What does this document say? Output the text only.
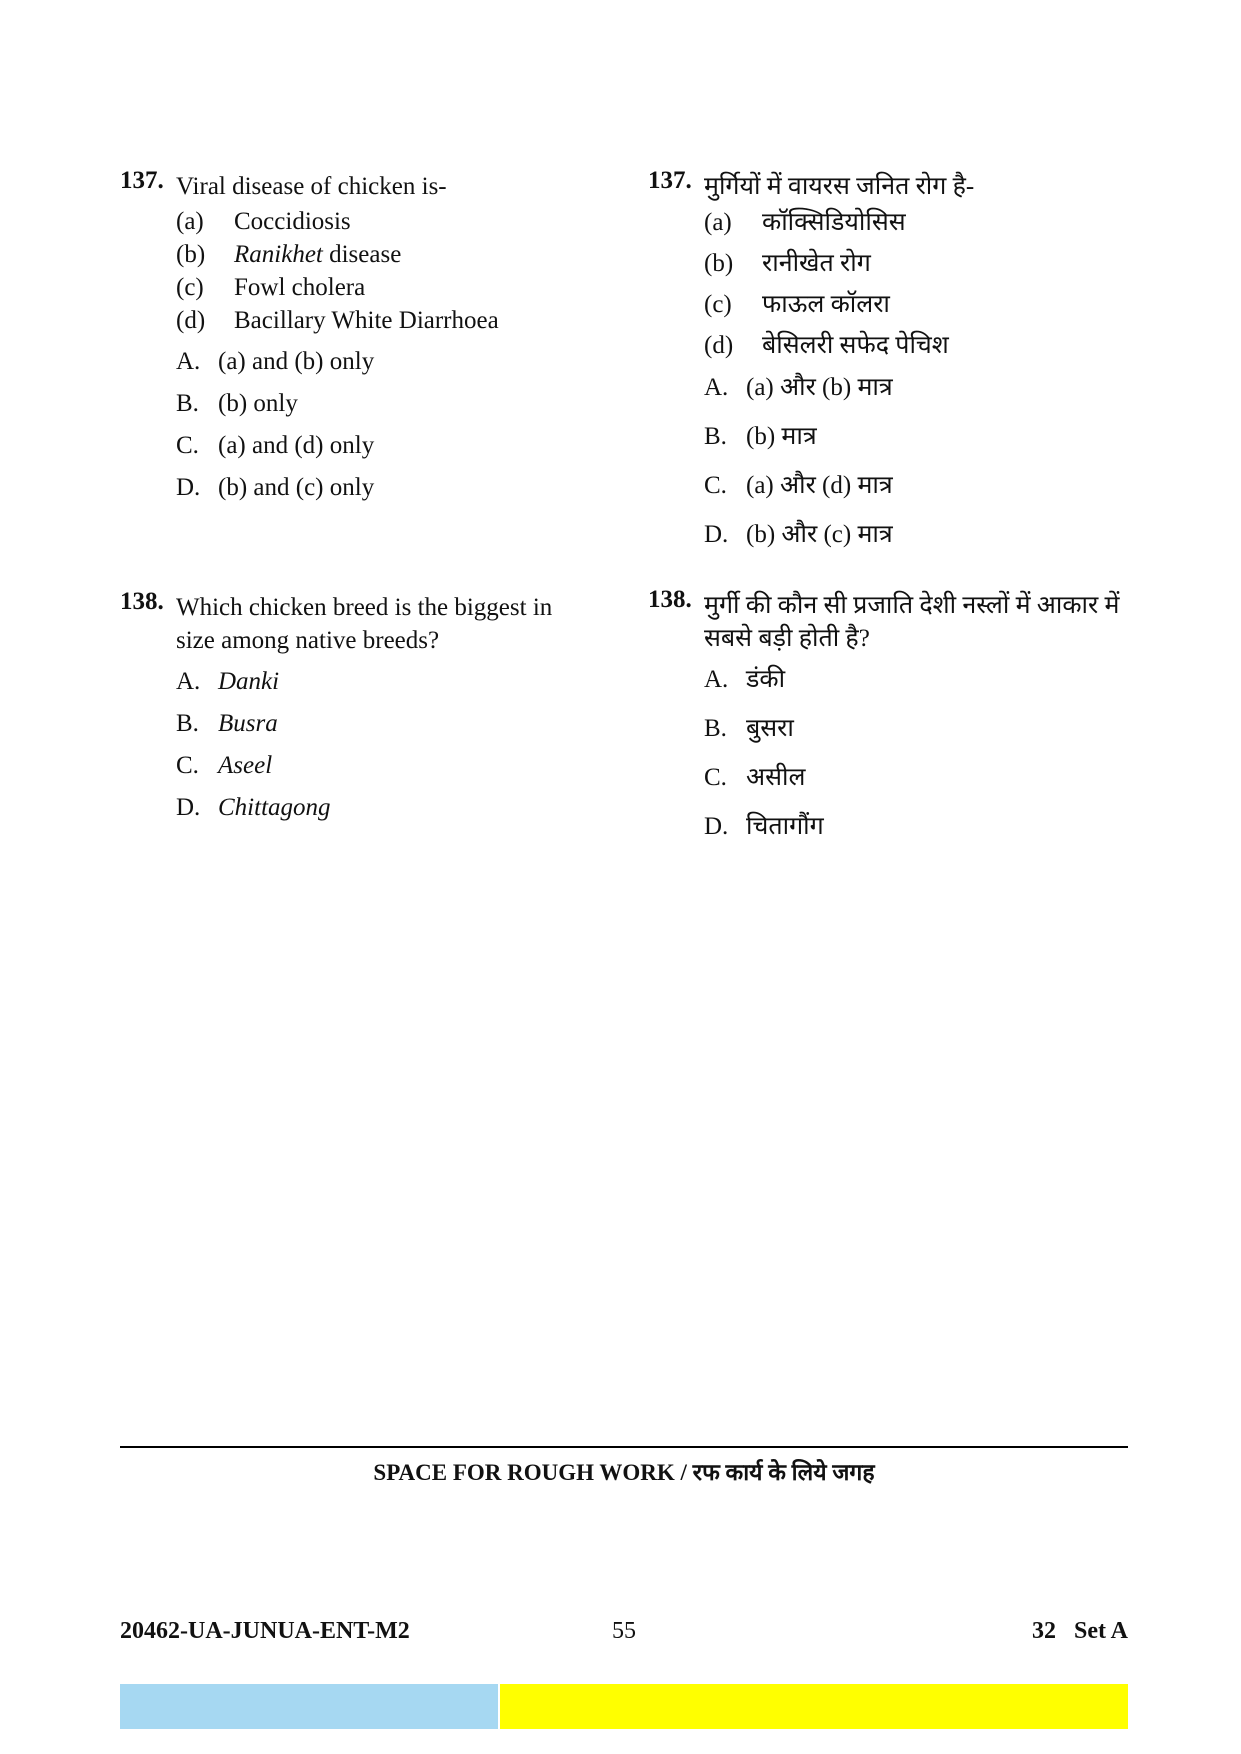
137. Viral disease of chicken is-
(a)	Coccidiosis
(b)	Ranikhet disease
(c)	Fowl cholera
(d)	Bacillary White Diarrhoea
A. (a) and (b) only
B. (b) only
C. (a) and (d) only
D. (b) and (c) only
138. Which chicken breed is the biggest in
size among native breeds?
A. Danki
B. Busra
C. Aseel
D. Chittagong
137. मुर्गियों में वायरस जनित रोग है-
(a)	कॉक्सिडियोसिस
(b)	रानीखेत रोग
(c)	फाऊल कॉलरा
(d)	बेसिलरी सफेद पेचिश
A. (a) और (b) मात्र
B. (b) मात्र
C. (a) और (d) मात्र
D. (b) और (c) मात्र
138. मुर्गी की कौन सी प्रजाति देशी नस्लों में आकार में
सबसे बड़ी होती है?
A. डंकी
B. बुसरा
C. असील
D. चितागौंग
SPACE FOR ROUGH WORK / रफ कार्य के लिये जगह
20462-UA-JUNUA-ENT-M2	55	32   Set A
